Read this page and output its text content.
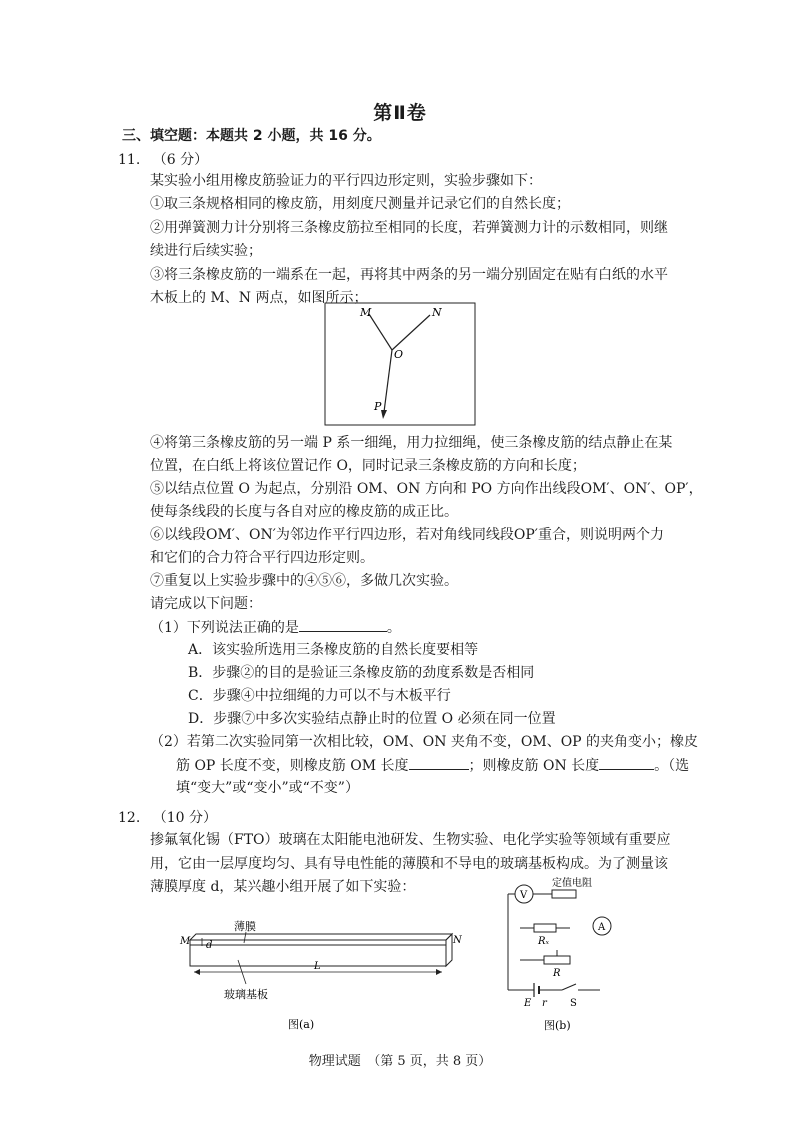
第Ⅱ卷
三、填空题：本题共 2 小题，共 16 分。
11. （6 分）
某实验小组用橡皮筋验证力的平行四边形定则，实验步骤如下：
①取三条规格相同的橡皮筋，用刻度尺测量并记录它们的自然长度；
②用弹簧测力计分别将三条橡皮筋拉至相同的长度，若弹簧测力计的示数相同，则继
续进行后续实验；
③将三条橡皮筋的一端系在一起，再将其中两条的另一端分别固定在贴有白纸的水平
木板上的 M、N 两点，如图所示；
M	N
O
P
④将第三条橡皮筋的另一端 P 系一细绳，用力拉细绳，使三条橡皮筋的结点静止在某
位置，在白纸上将该位置记作 O，同时记录三条橡皮筋的方向和长度；
⑤以结点位置 O 为起点，分别沿 OM、ON 方向和 PO 方向作出线段OM′、ON′、OP′，
使每条线段的长度与各自对应的橡皮筋的成正比。
⑥以线段OM′、ON′为邻边作平行四边形，若对角线同线段OP′重合，则说明两个力
和它们的合力符合平行四边形定则。
⑦重复以上实验步骤中的④⑤⑥，多做几次实验。
请完成以下问题：
（1）下列说法正确的是	。
A．该实验所选用三条橡皮筋的自然长度要相等
B．步骤②的目的是验证三条橡皮筋的劲度系数是否相同
C．步骤④中拉细绳的力可以不与木板平行
D．步骤⑦中多次实验结点静止时的位置 O 必须在同一位置
（2）若第二次实验同第一次相比较，OM、ON 夹角不变，OM、OP 的夹角变小；橡皮
筋 OP 长度不变，则橡皮筋 OM 长度	；则橡皮筋 ON 长度	。（选
填“变大”或“变小”或“不变”）
12. （10 分）
掺氟氧化锡（FTO）玻璃在太阳能电池研发、生物实验、电化学实验等领域有重要应
用，它由一层厚度均匀、具有导电性能的薄膜和不导电的玻璃基板构成。为了测量该
薄膜厚度 d，某兴趣小组开展了如下实验：
薄膜
M d	N
L
玻璃基板
图(a)
V
定值电阻
Rₓ
A
R
E r S
图(b)
物理试题　（第 5 页，共 8 页）
